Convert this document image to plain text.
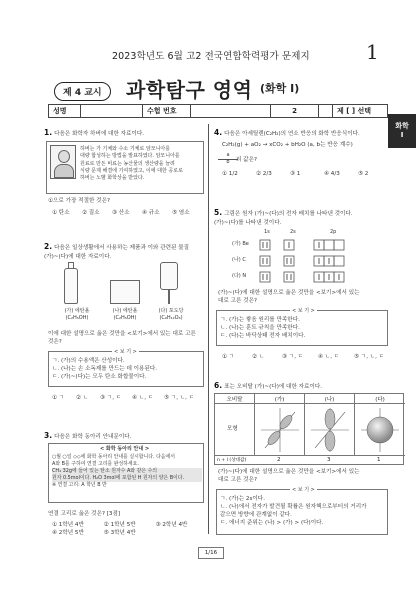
2023학년도 6월 고2 전국연합학력평가 문제지	1
제 4 교시	과학탐구 영역 (화학 I)
성명	수험 번호	2	제 [ ] 선택
화학
I
1. 다음은 화학자 하버에 대한 자료이다.
하버는 가 기체와 수소 기체로 암모니아를
대량 합성하는 방법을 발표하였다. 암모니아를
원료로 만든 비료는 농산물의 생산량을 늘려
식량 문제 해결에 기여하였고, 이에 대한 공로로
하버는 노벨 화학상을 받았다.
①으로 가장 적절한 것은?
① 탄소	② 질소	③ 산소	④ 규소	⑤ 염소
2. 다음은 일상생활에서 사용하는 제품과 이와 관련된 물질
(가)~(다)에 대한 자료이다.
(가) 에탄올
(C₂H₅OH)
(나) 에탄올
(C₂H₅OH)
(다) 포도당
(C₆H₁₂O₆)
이에 대한 설명으로 옳은 것만을 <보기>에서 있는 대로 고른
것은?
< 보 기 >
ㄱ. (가)의 수용액은 산성이다.
ㄴ. (나)는 손 소독제를 만드는 데 이용된다.
ㄷ. (가)~(다)는 모두 탄소 화합물이다.
① ㄱ	② ㄴ	③ ㄱ, ㄷ	④ ㄴ, ㄷ	⑤ ㄱ, ㄴ, ㄷ
3. 다음은 화학 동아리 안내문이다.
< 화학 동아리 안내 >
○월 ○일 ◇◇에 화학 동아리 안내를 실시합니다. 다음에서
A와 B를 구하여 연결 고리를 완성하세요.
CH₄ 32g에 들어 있는 탄소 원자수 A와 같은 수의
원자 0.5mol이다. H₂O 3mol에 포함된 H 원자의 양은 B이다.
※ 연결 고리: A 학년 B 반
연결 고리로 옳은 것은? [3점]
① 1학년 4반	② 1학년 5반	③ 2학년 4반
④ 2학년 5반	⑤ 3학년 4반
4. 다음은 아세틸렌(C₂H₂)의 연소 반응의 화학 반응식이다.
C₂H₂(g) + aO₂ → xCO₂ + bH₂O (a, b는 반응 계수)
a
b	의 값은?
① 1/2	② 2/3	③ 1	④ 4/3	⑤ 2
5. 그림은 원자 (가)~(다)의 전자 배치를 나타낸 것이다.
(가)~(다)를 나타낸 것이다.
1s	2s	2p
(가) Be
(나) C
(다) N
(가)~(다)에 대한 설명으로 옳은 것만을 <보기>에서 있는
대로 고른 것은?
< 보 기 >
ㄱ. (가)는 쌓음 원리를 만족한다.
ㄴ. (나)는 훈트 규칙을 만족한다.
ㄷ. (다)는 바닥상태 전자 배치이다.
① ㄱ	② ㄴ	③ ㄱ, ㄷ	④ ㄴ, ㄷ	⑤ ㄱ, ㄴ, ㄷ
6. 표는 오비탈 (가)~(다)에 대한 자료이다.
오비탈	(가)	(나)	(다)
모형
n + l (상대값)	2	3	1
(가)~(다)에 대한 설명으로 옳은 것만을 <보기>에서 있는
대로 고른 것은?
< 보 기 >
ㄱ. (가)는 2s이다.
ㄴ. (나)에서 전자가 발견될 확률은 원자핵으로부터의 거리가
같으면 방향에 관계없이 같다.
ㄷ. 에너지 준위는 (나) > (가) > (다)이다.
1/16
